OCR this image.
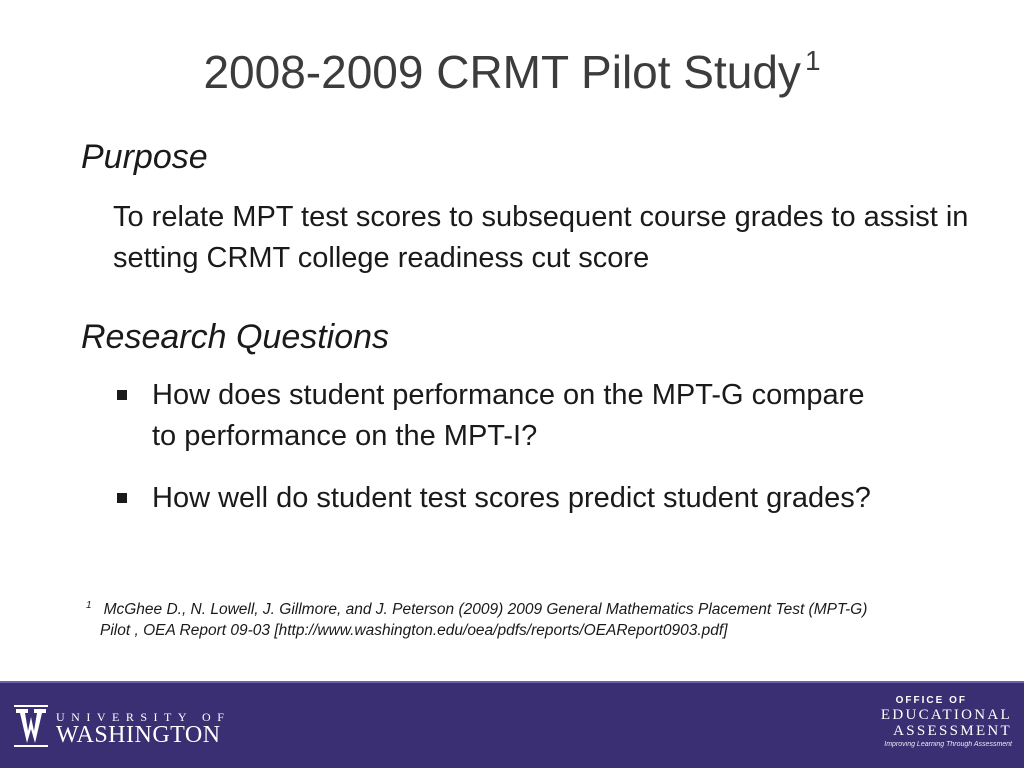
2008-2009 CRMT Pilot Study $^1$
Purpose
To relate MPT test scores to subsequent course grades to assist in setting CRMT college readiness cut score
Research Questions
How does student performance on the MPT-G compare to performance on the MPT-I?
How well do student test scores predict student grades?
$^1$ McGhee D., N. Lowell, J. Gillmore, and J. Peterson (2009) 2009 General Mathematics Placement Test (MPT-G)
Pilot , OEA Report 09-03 [http://www.washington.edu/oea/pdfs/reports/OEAReport0903.pdf]
UNIVERSITY OF
WASHINGTON
OFFICE OF
EDUCATIONAL
ASSESSMENT
Improving Learning Through Assessment
